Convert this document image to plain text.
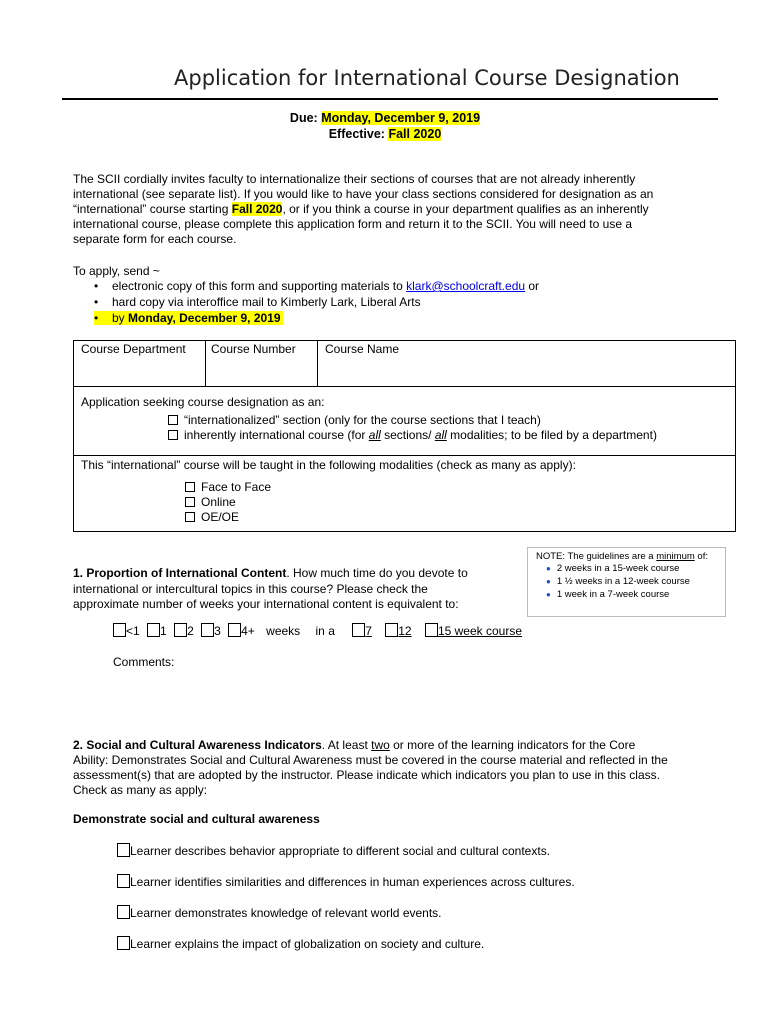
Application for International Course Designation
Due: Monday, December 9, 2019
Effective: Fall 2020
The SCII cordially invites faculty to internationalize their sections of courses that are not already inherently
international (see separate list). If you would like to have your class sections considered for designation as an
“international” course starting Fall 2020, or if you think a course in your department qualifies as an inherently
international course, please complete this application form and return it to the SCII. You will need to use a
separate form for each course.
To apply, send ~
• electronic copy of this form and supporting materials to klark@schoolcraft.edu or
• hard copy via interoffice mail to Kimberly Lark, Liberal Arts
• by Monday, December 9, 2019
Course Department Course Number Course Name
Application seeking course designation as an:
“internationalized” section (only for the course sections that I teach)
inherently international course (for all sections/ all modalities; to be filed by a department)
This “international” course will be taught in the following modalities (check as many as apply):
Face to Face
Online
OE/OE
NOTE: The guidelines are a minimum of:
● 2 weeks in a 15-week course
● 1 ½ weeks in a 12-week course
● 1 week in a 7-week course
1. Proportion of International Content. How much time do you devote to
international or intercultural topics in this course? Please check the
approximate number of weeks your international content is equivalent to:
<1 1 2 3 4+ weeks in a	7 12 15 week course
Comments:
2. Social and Cultural Awareness Indicators. At least two or more of the learning indicators for the Core
Ability: Demonstrates Social and Cultural Awareness must be covered in the course material and reflected in the
assessment(s) that are adopted by the instructor. Please indicate which indicators you plan to use in this class.
Check as many as apply:
Demonstrate social and cultural awareness
Learner describes behavior appropriate to different social and cultural contexts.
Learner identifies similarities and differences in human experiences across cultures.
Learner demonstrates knowledge of relevant world events.
Learner explains the impact of globalization on society and culture.
